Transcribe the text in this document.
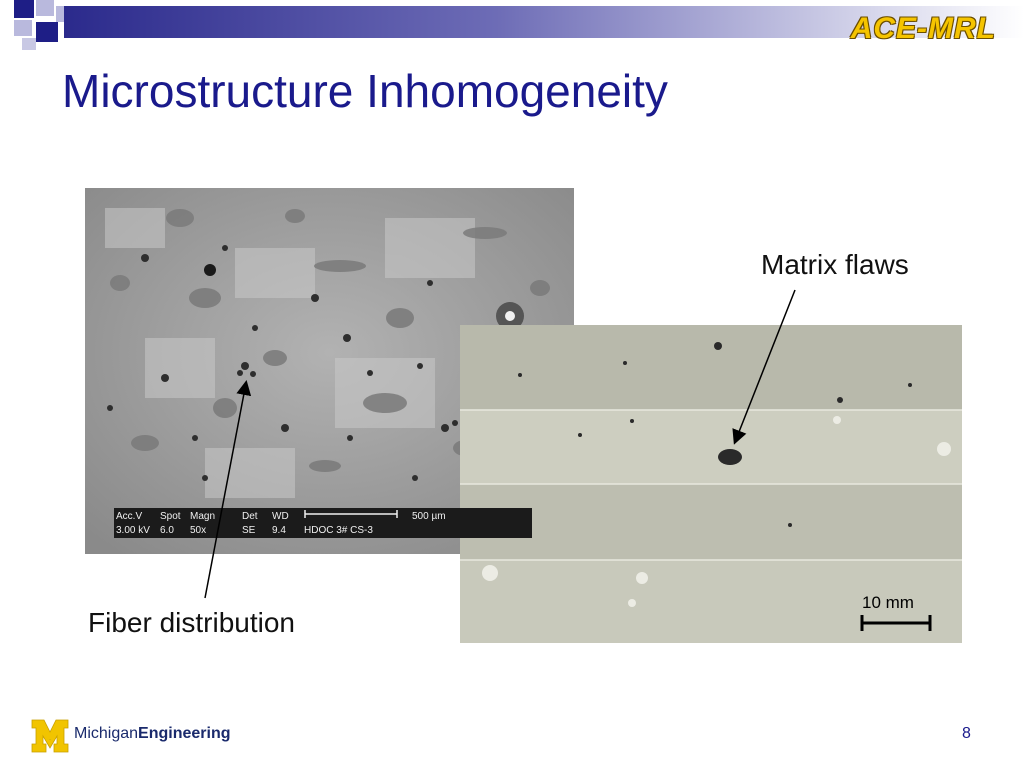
ACE-MRL
Microstructure Inhomogeneity
Acc.V Spot Magn	Det WD	500 µm
3.00 kV 6.0 50x	SE 9.4 HDOC 3# CS-3
10 mm
Matrix flaws
Fiber distribution
M MichiganEngineering	8
